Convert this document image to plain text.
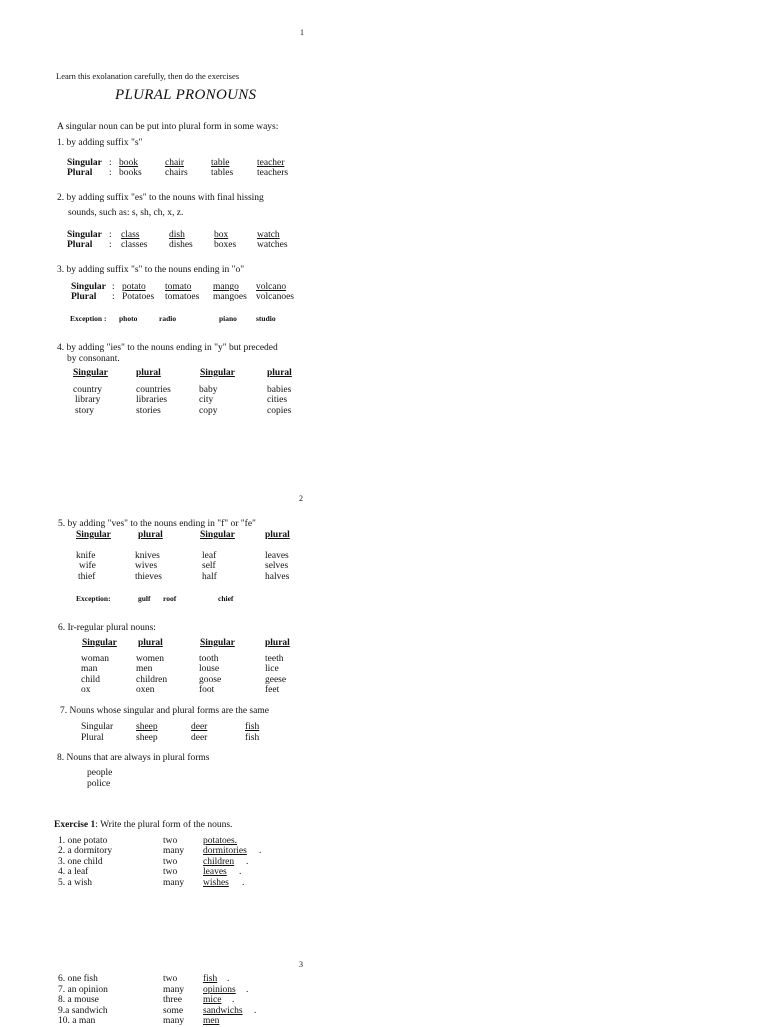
1
Learn this exolanation carefully, then do the exercises
PLURAL PRONOUNS
A singular noun can be put into plural form in some ways:
1. by adding suffix "s"
Singular : book	chair	table	teacher
Plural : books chairs tables	teachers
2. by adding suffix "es" to the nouns with final hissing
sounds, such as: s, sh, ch, x, z.
Singular : class	dish	box	watch
Plural : classes dishes boxes watches
3. by adding suffix "s" to the nouns ending in "o"
Singular : potato tomato mango volcano
Plural : Potatoes tomatoes mangoes volcanoes
Exception : photo	radio	piano	studio
4. by adding "ies" to the nouns ending in "y" but preceded
by consonant.
Singular	plural	Singular	plural
country	countries	baby	babies
library	libraries	city	cities
story	stories	copy	copies
2
5. by adding "ves" to the nouns ending in "f" or "fe"
Singular	plural	Singular	plural
knife	knives	leaf	leaves
wife	wives	self	selves
thief	thieves	half	halves
Exception:	gulf roof	chief
6. Ir-regular plural nouns:
Singular plural	Singular	plural
woman	women	tooth	teeth
man	men	louse	lice
child	children	goose	geese
ox	oxen	foot	feet
7. Nouns whose singular and plural forms are the same
Singular sheep	deer	fish
Plural	sheep	deer	fish
8. Nouns that are always in plural forms
people
police
Exercise 1: Write the plural form of the nouns.
1. one potato	two	potatoes.
2. a dormitory	many dormitories .
3. one child	two	children .
4. a leaf	two	leaves .
5. a wish	many wishes .
3
6. one fish	two	fish .
7. an opinion	many opinions .
8. a mouse	three mice .
9.a sandwich	some sandwichs .
10. a man	many men
